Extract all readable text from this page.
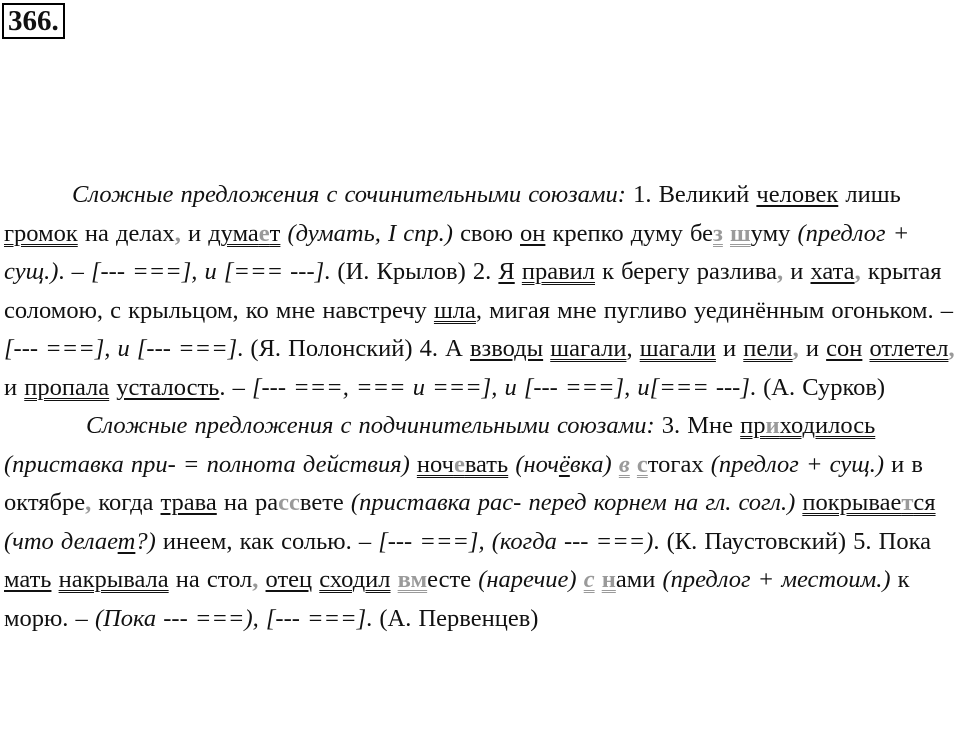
366.

Сложные предложения с сочинительными союзами: 1. Великий человек лишь громок на делах, и думает (думать, I спр.) свою он крепко думу без шуму (предлог + сущ.). – [--- ===], и [=== ---]. (И. Крылов) 2. Я правил к берегу разлива, и хата, крытая соломою, с крыльцом, ко мне навстречу шла, мигая мне пугливо уединённым огоньком. – [--- ===], и [--- ===]. (Я. Полонский) 4. А взводы шагали, шагали и пели, и сон отлетел, и пропала усталость. – [--- ===, === и ===], и [--- ===], и[=== ---]. (А. Сурков)

Сложные предложения с подчинительными союзами: 3. Мне приходилось (приставка при- = полнота действия) ночевать (ночёвка) в стогах (предлог + сущ.) и в октябре, когда трава на рассвете (приставка рас- перед корнем на гл. согл.) покрывается (что делает?) инеем, как солью. – [--- ===], (когда --- ===). (К. Паустовский) 5. Пока мать накрывала на стол, отец сходил вместе (наречие) с нами (предлог + местоим.) к морю. – (Пока --- ===), [--- ===]. (А. Первенцев)
